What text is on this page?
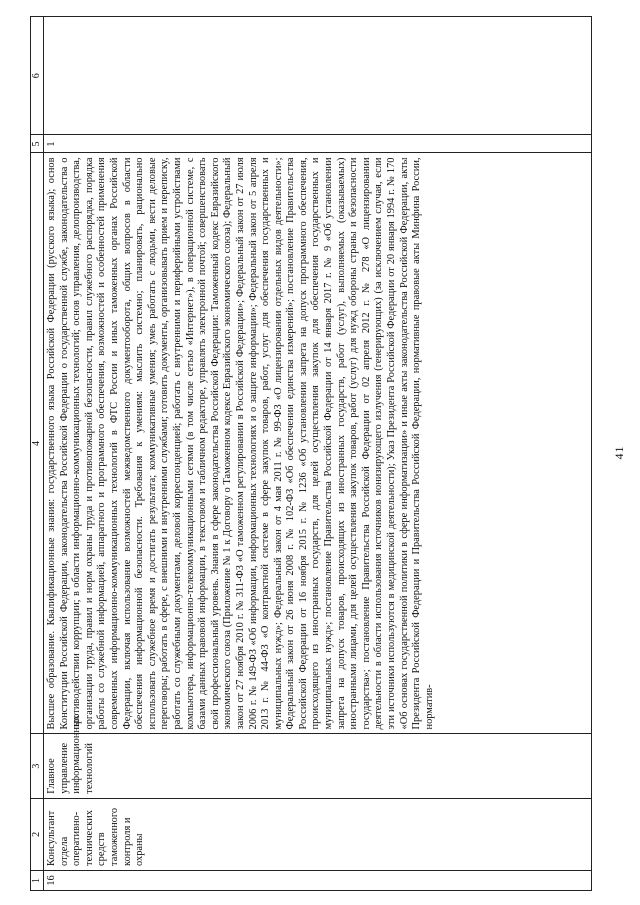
41
1	2	3	4	5	6
16	Консультант отдела оперативно-технических средств таможенного контроля и охраны	Главное управление информационных технологий	Высшее образование. Квалификационные знания: государственного языка Российской Федерации (русского языка); основ Конституции Российской Федерации, законодательства Российской Федерации о государственной службе, законодательства о противодействии коррупции; в области информационно-коммуникационных технологий; основ управления, делопроизводства, организации труда, правил и норм охраны труда и противопожарной безопасности, правил служебного распорядка, порядка работы со служебной информацией, аппаратного и программного обеспечения, возможностей и особенностей применения современных информационно-коммуникационных технологий в ФТС России и иных таможенных органах Российской Федерации, включая использование возможностей межведомственного документооборота, общих вопросов в области обеспечения информационной безопасности. Требования к умениям: мыслить системно; планировать, рационально использовать служебное время и достигать результата; коммуникативные умения; умеь работать с людьми, вести деловые переговоры; работать в сфере, с внешними и внутренними службами; готовить документы, организовывать прием и переписку, работать со служебными документами, деловой корреспонденцией; работать с внутренними и периферийными устройствами компьютера, информационно-телекоммуникационными сетями (в том числе сетью «Интернет»), в операционной системе, с базами данных правовой информации, в текстовом и табличном редакторе, управлять электронной почтой; совершенствовать свой профессиональный уровень. Знания в сфере законодательства Российской Федерации: Таможенный кодекс Евразийского экономического союза (Приложение № 1 к Договору о Таможенном кодексе Евразийского экономического союза); Федеральный закон от 27 ноября 2010 г. № 311-ФЗ «О таможенном регулировании в Российской Федерации»; Федеральный закон от 27 июля 2006 г. № 149-ФЗ «Об информации, информационных технологиях и о защите информации»; Федеральный закон от 5 апреля 2013 г. № 44-ФЗ «О контрактной системе в сфере закупок товаров, работ, услуг для обеспечения государственных и муниципальных нужд»; Федеральный закон от 4 мая 2011 г. № 99-ФЗ «О лицензировании отдельных видов деятельности»; Федеральный закон от 26 июня 2008 г. № 102-ФЗ «Об обеспечении единства измерений»; постановление Правительства Российской Федерации от 16 ноября 2015 г. № 1236 «Об установлении запрета на допуск программного обеспечения, происходящего из иностранных государств, для целей осуществления закупок для обеспечения государственных и муниципальных нужд»; постановление Правительства Российской Федерации от 14 января 2017 г. № 9 «Об установлении запрета на допуск товаров, происходящих из иностранных государств, работ (услуг), выполняемых (оказываемых) иностранными лицами, для целей осуществления закупок товаров, работ (услуг) для нужд обороны страны и безопасности государства»; постановление Правительства Российской Федерации от 02 апреля 2012 г. № 278 «О лицензировании деятельности в области использования источников ионизирующего излучения (генерирующих) (за исключением случая, если эти источники используются в медицинской деятельности); Указ Президента Российской Федерации от 20 января 1994 г. № 170 «Об основах государственной политики в сфере информатизации» и иные акты законодательства Российской Федерации, акты Президента Российской Федерации и Правительства Российской Федерации, нормативные правовые акты Минфина России, норматив-	1	
